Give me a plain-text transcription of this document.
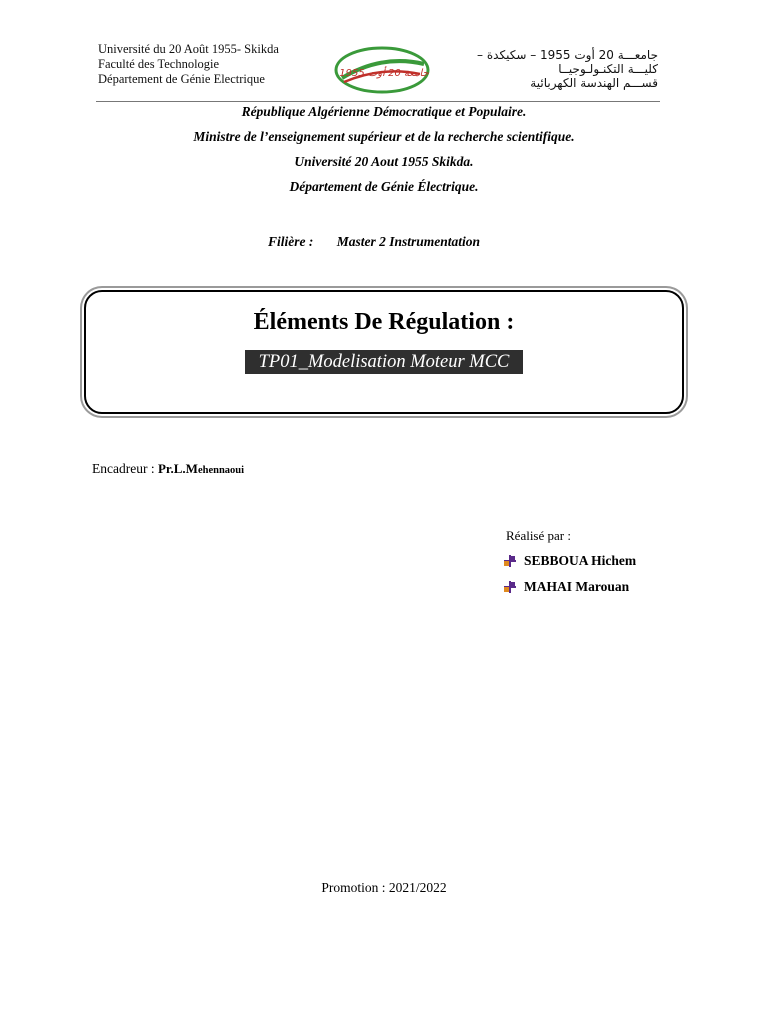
Université du 20 Août 1955- Skikda
Faculté des Technologie
Département de Génie Electrique	جامعة 20 أوت 1955
جامعـــة 20 أوت 1955 – سكيكدة –
كليـــة التكنـولـوجيــا
قســـم الهندسة الكهربائية
République Algérienne Démocratique et Populaire.
Ministre de l’enseignement supérieur et de la recherche scientifique.
Université 20 Aout 1955 Skikda.
Département de Génie Électrique.
Filière : Master 2 Instrumentation
Éléments De Régulation :
TP01_Modelisation Moteur MCC
Encadreur : Pr.L.Mehennaoui
Réalisé par :
SEBBOUA Hichem
MAHAI Marouan
Promotion : 2021/2022
